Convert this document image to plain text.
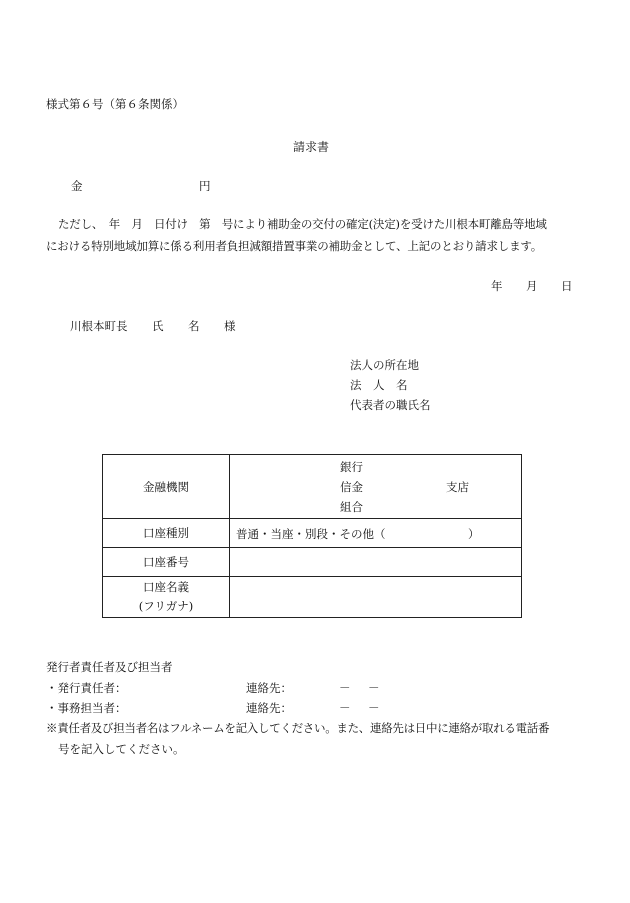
様式第６号（第６条関係）
請求書
金	円
ただし、　年　月　日付け　第　号により補助金の交付の確定(決定)を受けた川根本町離島等地域
における特別地域加算に係る利用者負担減額措置事業の補助金として、上記のとおり請求します。
年 月 日
川根本町長 氏 名 様
法人の所在地
法　人　名
代表者の職氏名
金融機関	銀行
信金
組合
支店

口座種別	普通・当座・別段・その他（ ）

口座番号	

口座名義
(フリガナ)	

発行者責任者及び担当者
・発行責任者：	連絡先：	－ －
・事務担当者：	連絡先：	－ －
※責任者及び担当者名はフルネームを記入してください。また、連絡先は日中に連絡が取れる電話番
号を記入してください。
